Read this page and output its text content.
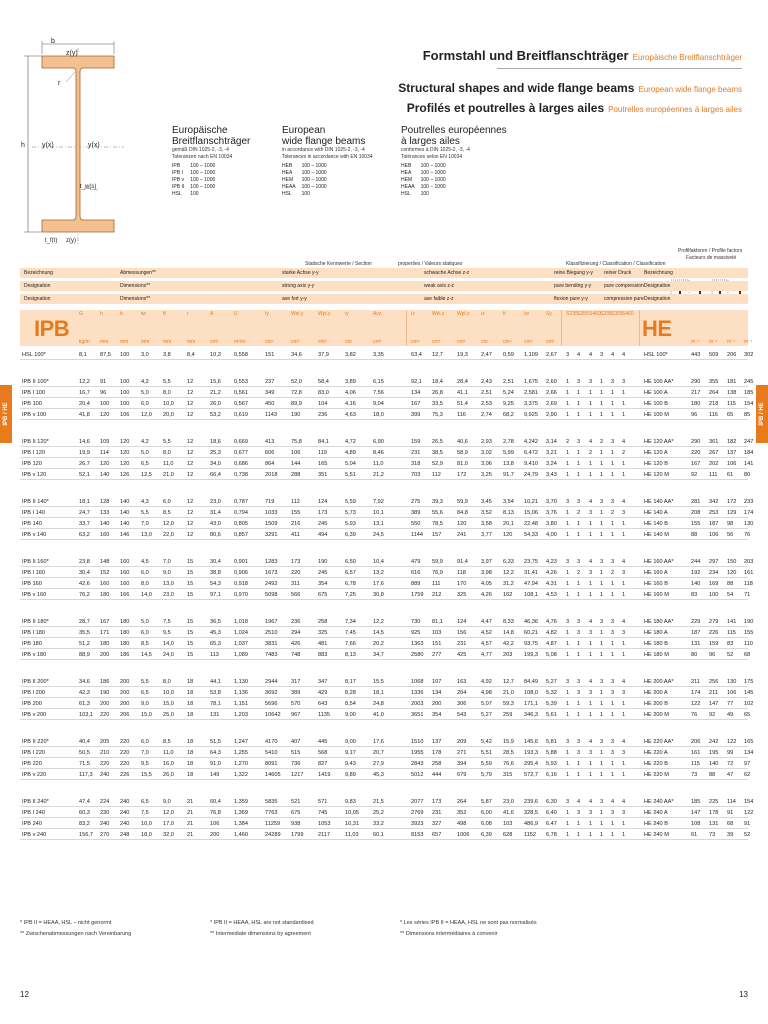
Formstahl und Breitflanschträger Europäische Breitflanschträger
Structural shapes and wide flange beams European wide flange beams
Profilés et poutrelles à larges ailes Poutrelles européennes à larges ailes
b
z(y)
r
h y(x)	y(x)
t_w(s)
t_f(t) z(y)
Europäische
Breitflanschträger
gemäß DIN 1025-2, -3, -4
Toleranzen nach EN 10034
IPB	100 – 1000
IPB I	100 – 1000
IPB v	100 – 1000
IPB II	100 – 1000
HSL	100
European
wide flange beams
in accordance with DIN 1025-2, -3, -4
Tolerances in accordance with EN 10034
HEB	100 – 1000
HEA	100 – 1000
HEM	100 – 1000
HEAA	100 – 1000
HSL	100
Poutrelles européennes
à larges ailes
conformes à DIN 1025-2, -3, -4
Tolérances selon EN 10034
HEB	100 – 1000
HEA	100 – 1000
HEM	100 – 1000
HEAA	100 – 1000
HSL	100
IPB / HE	IPB / HE
Statische Kennwerte / Section	properties / Valeurs statiques	Klassifizierung / Classification / Classification
Profilfaktoren / Profile factors
Facteurs de massiveté
Bezeichnung	Abmessungen**	starke Achse y-y	schwache Achse z-z	reine Biegung y-y reiner Druck	Bezeichnung
Designation	Dimensions**	strong axis y-y	weak axis z-z	pure bending y-y	pure compression Designation
Designation	Dimensions**	axe fort y-y	axe faible z-z	flexion pure y-y	compression pure Designation
IPB	HE
G	h	b	tw	tf	r	A	U	Iy	Wel.y	Wpl.y	iy	Avz	Iz	Wel.z	Wpl.z iz	It	Iw	Sy	S235 S355 S460 S235 S355 S460
kg/m mm mm	mm	mm	mm	cm²	m²/m	cm⁴	cm³	cm³	cm	cm²	cm⁴ cm³	cm³	cm	cm⁴ cm⁶	cm³	m⁻¹ m⁻¹ m⁻¹ m⁻¹
HSL 100*	8,1 87,5 100 3,0	3,8	8,4	10,3 0,558	151	34,6	37,9	3,82	3,35	63,4 12,7	19,3 2,47 0,59 1,109 2,67 3 4 4 3 4 4	HSL 100*	443 509 206 302
IPB II 100*	12,2 91 100 4,2	5,5	12	15,6 0,553	237	52,0	58,4	3,89	6,15	92,1 18,4	28,4 2,43 2,51 1,675 2,60 1 3 3 1 3 3	HE 100 AA*	290 355 181 245
IPB I 100	16,7 96 100 5,0	8,0	12	21,2 0,561	349	72,8	83,0	4,06	7,56	134 26,8	41,1 2,51 5,24 2,581 2,66 1 1 1 1 1 1	HE 100 A	217 264 138 185
IPB 100	20,4 100 100 6,0	10,0 12	26,0 0,567	450	89,9	104	4,16	9,04	167 33,5	51,4 2,53 9,25 3,375 2,69 1 1 1 1 1 1	HE 100 B	180 218 115 154
IPB v 100	41,8 120 106 12,0 20,0 12	53,2 0,619	1143 190	236	4,63	18,0	399 75,3	116	2,74 68,2 9,925 2,90 1 1 1 1 1 1	HE 100 M	96 116 65 85
IPB II 120*	14,6 109 120 4,2	5,5	12	18,6 0,669	413	75,8	84,1	4,72	6,90	159 26,5	40,6 2,93 2,78 4,242 3,14 2 3 4 2 3 4	HE 120 AA*	290 361 182 247
IPB I 120	19,9 114 120 5,0	8,0	12	25,3 0,677	606	106	119	4,89	8,46	231 38,5	58,9 3,02 5,99 6,472 3,21 1 1 2 1 1 2	HE 120 A	220 267 137 184
IPB 120	26,7 120 120 6,5	11,0 12	34,0 0,686	864	144	165	5,04	11,0	318 52,9	81,0 3,06 13,8 9,410 3,24 1 1 1 1 1 1	HE 120 B	167 202 106 141
IPB v 120	52,1 140 126 12,5 21,0 12	66,4 0,738	2018 288	351	5,51	21,2	703 112	172	3,25 91,7 24,79 3,43 1 1 1 1 1 1	HE 120 M	92 111 61 80
IPB II 140*	18,1 128 140 4,3	6,0	12	23,0 0,787	719	112	124	5,59	7,92	275 39,3	59,9 3,45 3,54 10,21 3,70 3 3 4 3 3 4	HE 140 AA*	281 342 172 233
IPB I 140	24,7 133 140 5,5	8,5	12	31,4 0,794	1033 155	173	5,73	10,1	389 55,6	84,8 3,52 8,13 15,06 3,76 1 2 3 1 2 3	HE 140 A	208 253 129 174
IPB 140	33,7 140 140 7,0	12,0 12	43,0 0,805	1509 216	245	5,93	13,1	550 78,5	120	3,58 20,1 22,48 3,80 1 1 1 1 1 1	HE 140 B	155 187 98 130
IPB v 140	63,2 160 146 13,0 22,0 12	80,6 0,857	3291 411	494	6,39	24,5	1144 157	241	3,77 120 54,33 4,00 1 1 1 1 1 1	HE 140 M	88 106 56 76
IPB II 160*	23,8 148 160 4,5	7,0	15	30,4 0,901	1283 173	190	6,50	10,4	479 59,9	91,4 3,97 6,33 23,75 4,23 3 3 4 3 3 4	HE 160 AA*	244 297 150 203
IPB I 160	30,4 152 160 6,0	9,0	15	38,8 0,906	1673 220	245	6,57	13,2	616 76,9	118	3,98 12,2 31,41 4,26 1 2 3 1 2 3	HE 160 A	192 234 120 161
IPB 160	42,6 160 160 8,0	13,0 15	54,3 0,918	2492 311	354	6,78	17,6	889 111	170	4,05 31,2 47,94 4,31 1 1 1 1 1 1	HE 160 B	140 169 88 118
IPB v 160	76,2 180 166 14,0 23,0 15	97,1 0,970	5098 566	675	7,25	30,8	1759 212	325	4,26 162 108,1 4,53 1 1 1 1 1 1	HE 160 M	83 100 54 71
IPB II 180*	28,7 167 180 5,0	7,5	15	36,5 1,018	1967 236	258	7,34	12,2	730 81,1	124	4,47 8,33 46,36 4,76 3 3 4 3 3 4	HE 180 AA*	229 279 141 190
IPB I 180	35,5 171 180 6,0	9,5	15	45,3 1,024	2510 294	325	7,45	14,5	925 103	156	4,52 14,8 60,21 4,82 1 3 3 1 3 3	HE 180 A	187 226 115 155
IPB 180	51,2 180 180 8,5	14,0 15	65,3 1,037	3831 426	481	7,66	20,2	1363 151	231	4,57 42,2 93,75 4,87 1 1 1 1 1 1	HE 180 B	131 159 83 110
IPB v 180	88,9 200 186 14,5 24,0 15	113	1,089	7483 748	883	8,13	34,7	2580 277	425	4,77 203 199,3 5,08 1 1 1 1 1 1	HE 180 M	80 96 52 68
IPB II 200*	34,6 186 200 5,5	8,0	18	44,1 1,130	2944 317	347	8,17	15,5	1068 107	163	4,92 12,7 84,49 5,27 3 3 4 3 3 4	HE 200 AA*	211 256 130 175
IPB I 200	42,3 190 200 6,5	10,0 18	53,8 1,136	3692 389	429	8,28	18,1	1336 134	204	4,98 21,0 108,0 5,32 1 3 3 1 3 3	HE 200 A	174 211 106 145
IPB 200	61,3 200 200 9,0	15,0 18	78,1 1,151	5696 570	643	8,54	24,8	2003 200	306	5,07 59,3 171,1 5,39 1 1 1 1 1 1	HE 200 B	122 147 77 102
IPB v 200	103,1 220 206 15,0 25,0 18	131	1,203	10642 967	1135	9,00	41,0	3651 354	543	5,27 259 346,3 5,61 1 1 1 1 1 1	HE 200 M	76 92 49 65
IPB II 220*	40,4 205 220 6,0	8,5	18	51,5 1,247	4170 407	445	9,00	17,6	1510 137	209	5,42 15,9 145,6 5,81 3 3 4 3 3 4	HE 220 AA*	206 242 122 165
IPB I 220	50,5 210 220 7,0	11,0 18	64,3 1,255	5410 515	568	9,17	20,7	1955 178	271	5,51 28,5 193,3 5,88 1 3 3 1 3 3	HE 220 A	161 195 99 134
IPB 220	71,5 220 220 9,5	16,0 18	91,0 1,270	8091 736	827	9,43	27,9	2843 258	394	5,59 76,6 295,4 5,93 1 1 1 1 1 1	HE 220 B	115 140 72 97
IPB v 220	117,3 240 226 15,5 26,0 18	149	1,322	14605 1217	1419	9,89	45,3	5012 444	679	5,79 315 572,7 6,16 1 1 1 1 1 1	HE 220 M	73 88 47 62
IPB II 240*	47,4 224 240 6,5	9,0	21	60,4 1,359	5835 521	571	9,83	21,5	2077 173	264	5,87 23,0 239,6 6,30 3 4 4 3 4 4	HE 240 AA*	185 225 114 154
IPB I 240	60,3 230 240 7,5	12,0 21	76,8 1,369	7763 675	745	10,05	25,2	2769 231	352	6,00 41,6 328,5 6,40 1 3 3 1 3 3	HE 240 A	147 178 91 122
IPB 240	83,2 240 240 10,0 17,0 21	106	1,384	11259 938	1053	10,31	33,2	3923 327	498	6,08 103 486,9 6,47 1 1 1 1 1 1	HE 240 B	108 131 68 91
IPB v 240	156,7 270 248 18,0 32,0 21	200	1,460	24289 1799	2117	11,03	60,1	8153 657	1006 6,39 628 1152 6,78 1 1 1 1 1 1	HE 240 M	61 73 39 52
* IPB II = HEAA, HSL – nicht genormt
** Zwischenabmessungen nach Vereinbarung
* IPB II = HEAA, HSL are not standardised
** Intermediate dimensions by agreement
* Les séries IPB II = HEAA, HSL ne sont pas normalisés
** Dimensions intermédiaires à convenir
12	13
